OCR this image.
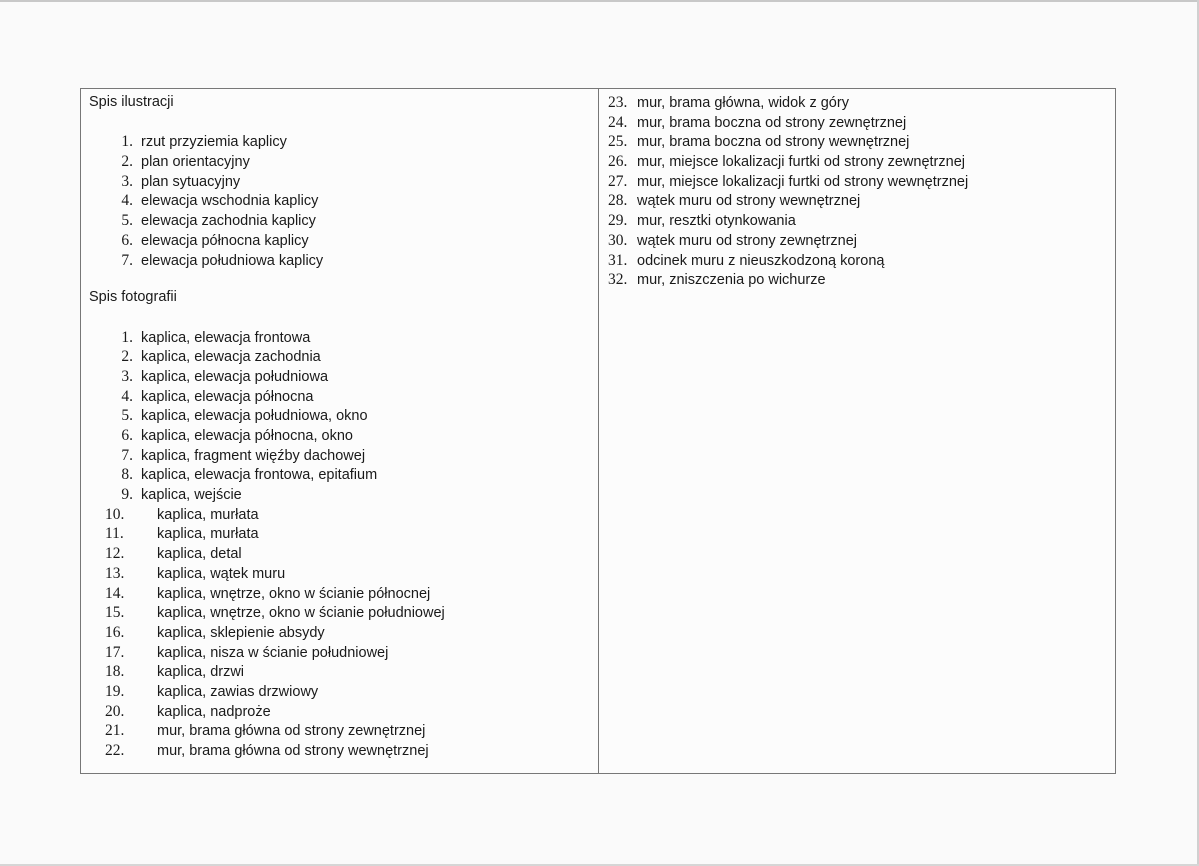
Spis ilustracji
1. rzut przyziemia kaplicy
2. plan orientacyjny
3. plan sytuacyjny
4. elewacja wschodnia kaplicy
5. elewacja zachodnia kaplicy
6. elewacja północna kaplicy
7. elewacja południowa kaplicy
Spis fotografii
1. kaplica, elewacja frontowa
2. kaplica, elewacja zachodnia
3. kaplica, elewacja południowa
4. kaplica, elewacja północna
5. kaplica, elewacja południowa, okno
6. kaplica, elewacja północna, okno
7. kaplica, fragment więźby dachowej
8. kaplica, elewacja frontowa, epitafium
9. kaplica, wejście
10.	kaplica, murłata
11.	kaplica, murłata
12.	kaplica, detal
13.	kaplica, wątek muru
14.	kaplica, wnętrze, okno w ścianie północnej
15.	kaplica, wnętrze, okno w ścianie południowej
16.	kaplica, sklepienie absydy
17.	kaplica, nisza w ścianie południowej
18.	kaplica, drzwi
19.	kaplica, zawias drzwiowy
20.	kaplica, nadproże
21.	mur, brama główna od strony zewnętrznej
22.	mur, brama główna od strony wewnętrznej
23. mur, brama główna, widok z góry
24. mur, brama boczna od strony zewnętrznej
25. mur, brama boczna od strony wewnętrznej
26. mur, miejsce lokalizacji furtki od strony zewnętrznej
27. mur, miejsce lokalizacji furtki od strony wewnętrznej
28. wątek muru od strony wewnętrznej
29. mur, resztki otynkowania
30. wątek muru od strony zewnętrznej
31. odcinek muru z nieuszkodzoną koroną
32. mur, zniszczenia po wichurze
